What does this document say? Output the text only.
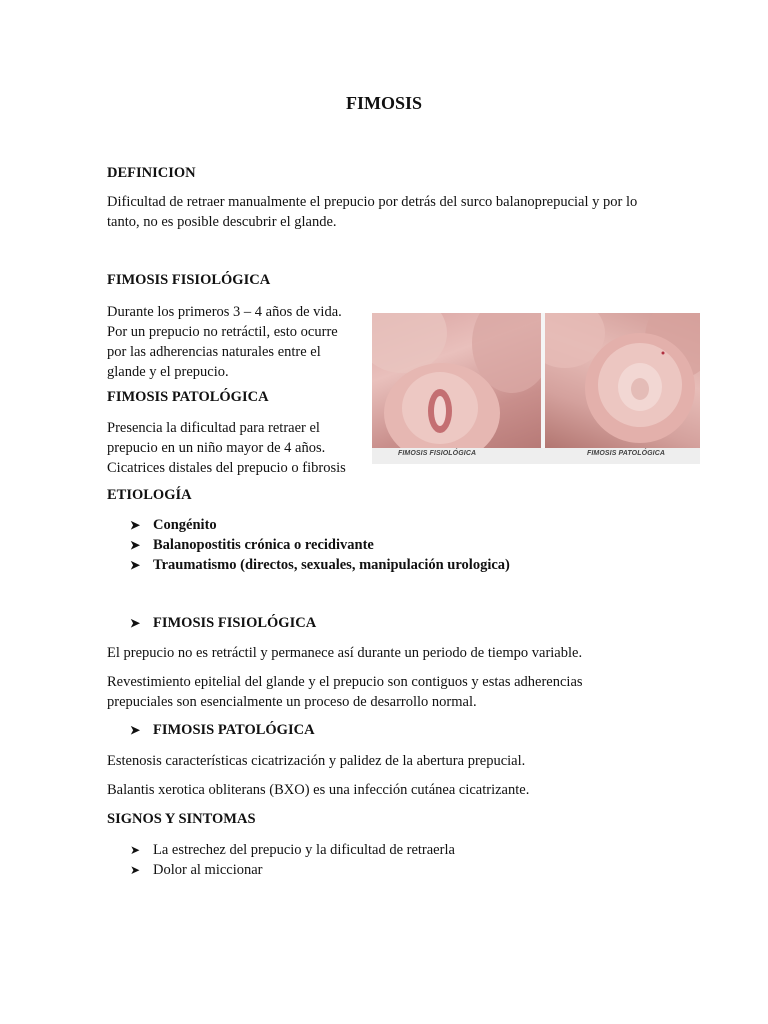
FIMOSIS
DEFINICION
Dificultad de retraer manualmente el prepucio por detrás del surco balanoprepucial y por lo
tanto, no es posible descubrir el glande.
FIMOSIS FISIOLÓGICA
Durante los primeros 3 – 4 años de vida.
Por un prepucio no retráctil, esto ocurre
por las adherencias naturales entre el
glande y el prepucio.
FIMOSIS PATOLÓGICA
Presencia la dificultad para retraer el
prepucio en un niño mayor de 4 años.
Cicatrices distales del prepucio o fibrosis
FIMOSIS FISIOLÓGICA	FIMOSIS PATOLÓGICA
ETIOLOGÍA
➤ Congénito
➤ Balanopostitis crónica o recidivante
➤ Traumatismo (directos, sexuales, manipulación urologica)
➤ FIMOSIS FISIOLÓGICA
El prepucio no es retráctil y permanece así durante un periodo de tiempo variable.
Revestimiento epitelial del glande y el prepucio son contiguos y estas adherencias
prepuciales son esencialmente un proceso de desarrollo normal.
➤ FIMOSIS PATOLÓGICA
Estenosis características cicatrización y palidez de la abertura prepucial.
Balantis xerotica obliterans (BXO) es una infección cutánea cicatrizante.
SIGNOS Y SINTOMAS
➤ La estrechez del prepucio y la dificultad de retraerla
➤ Dolor al miccionar
